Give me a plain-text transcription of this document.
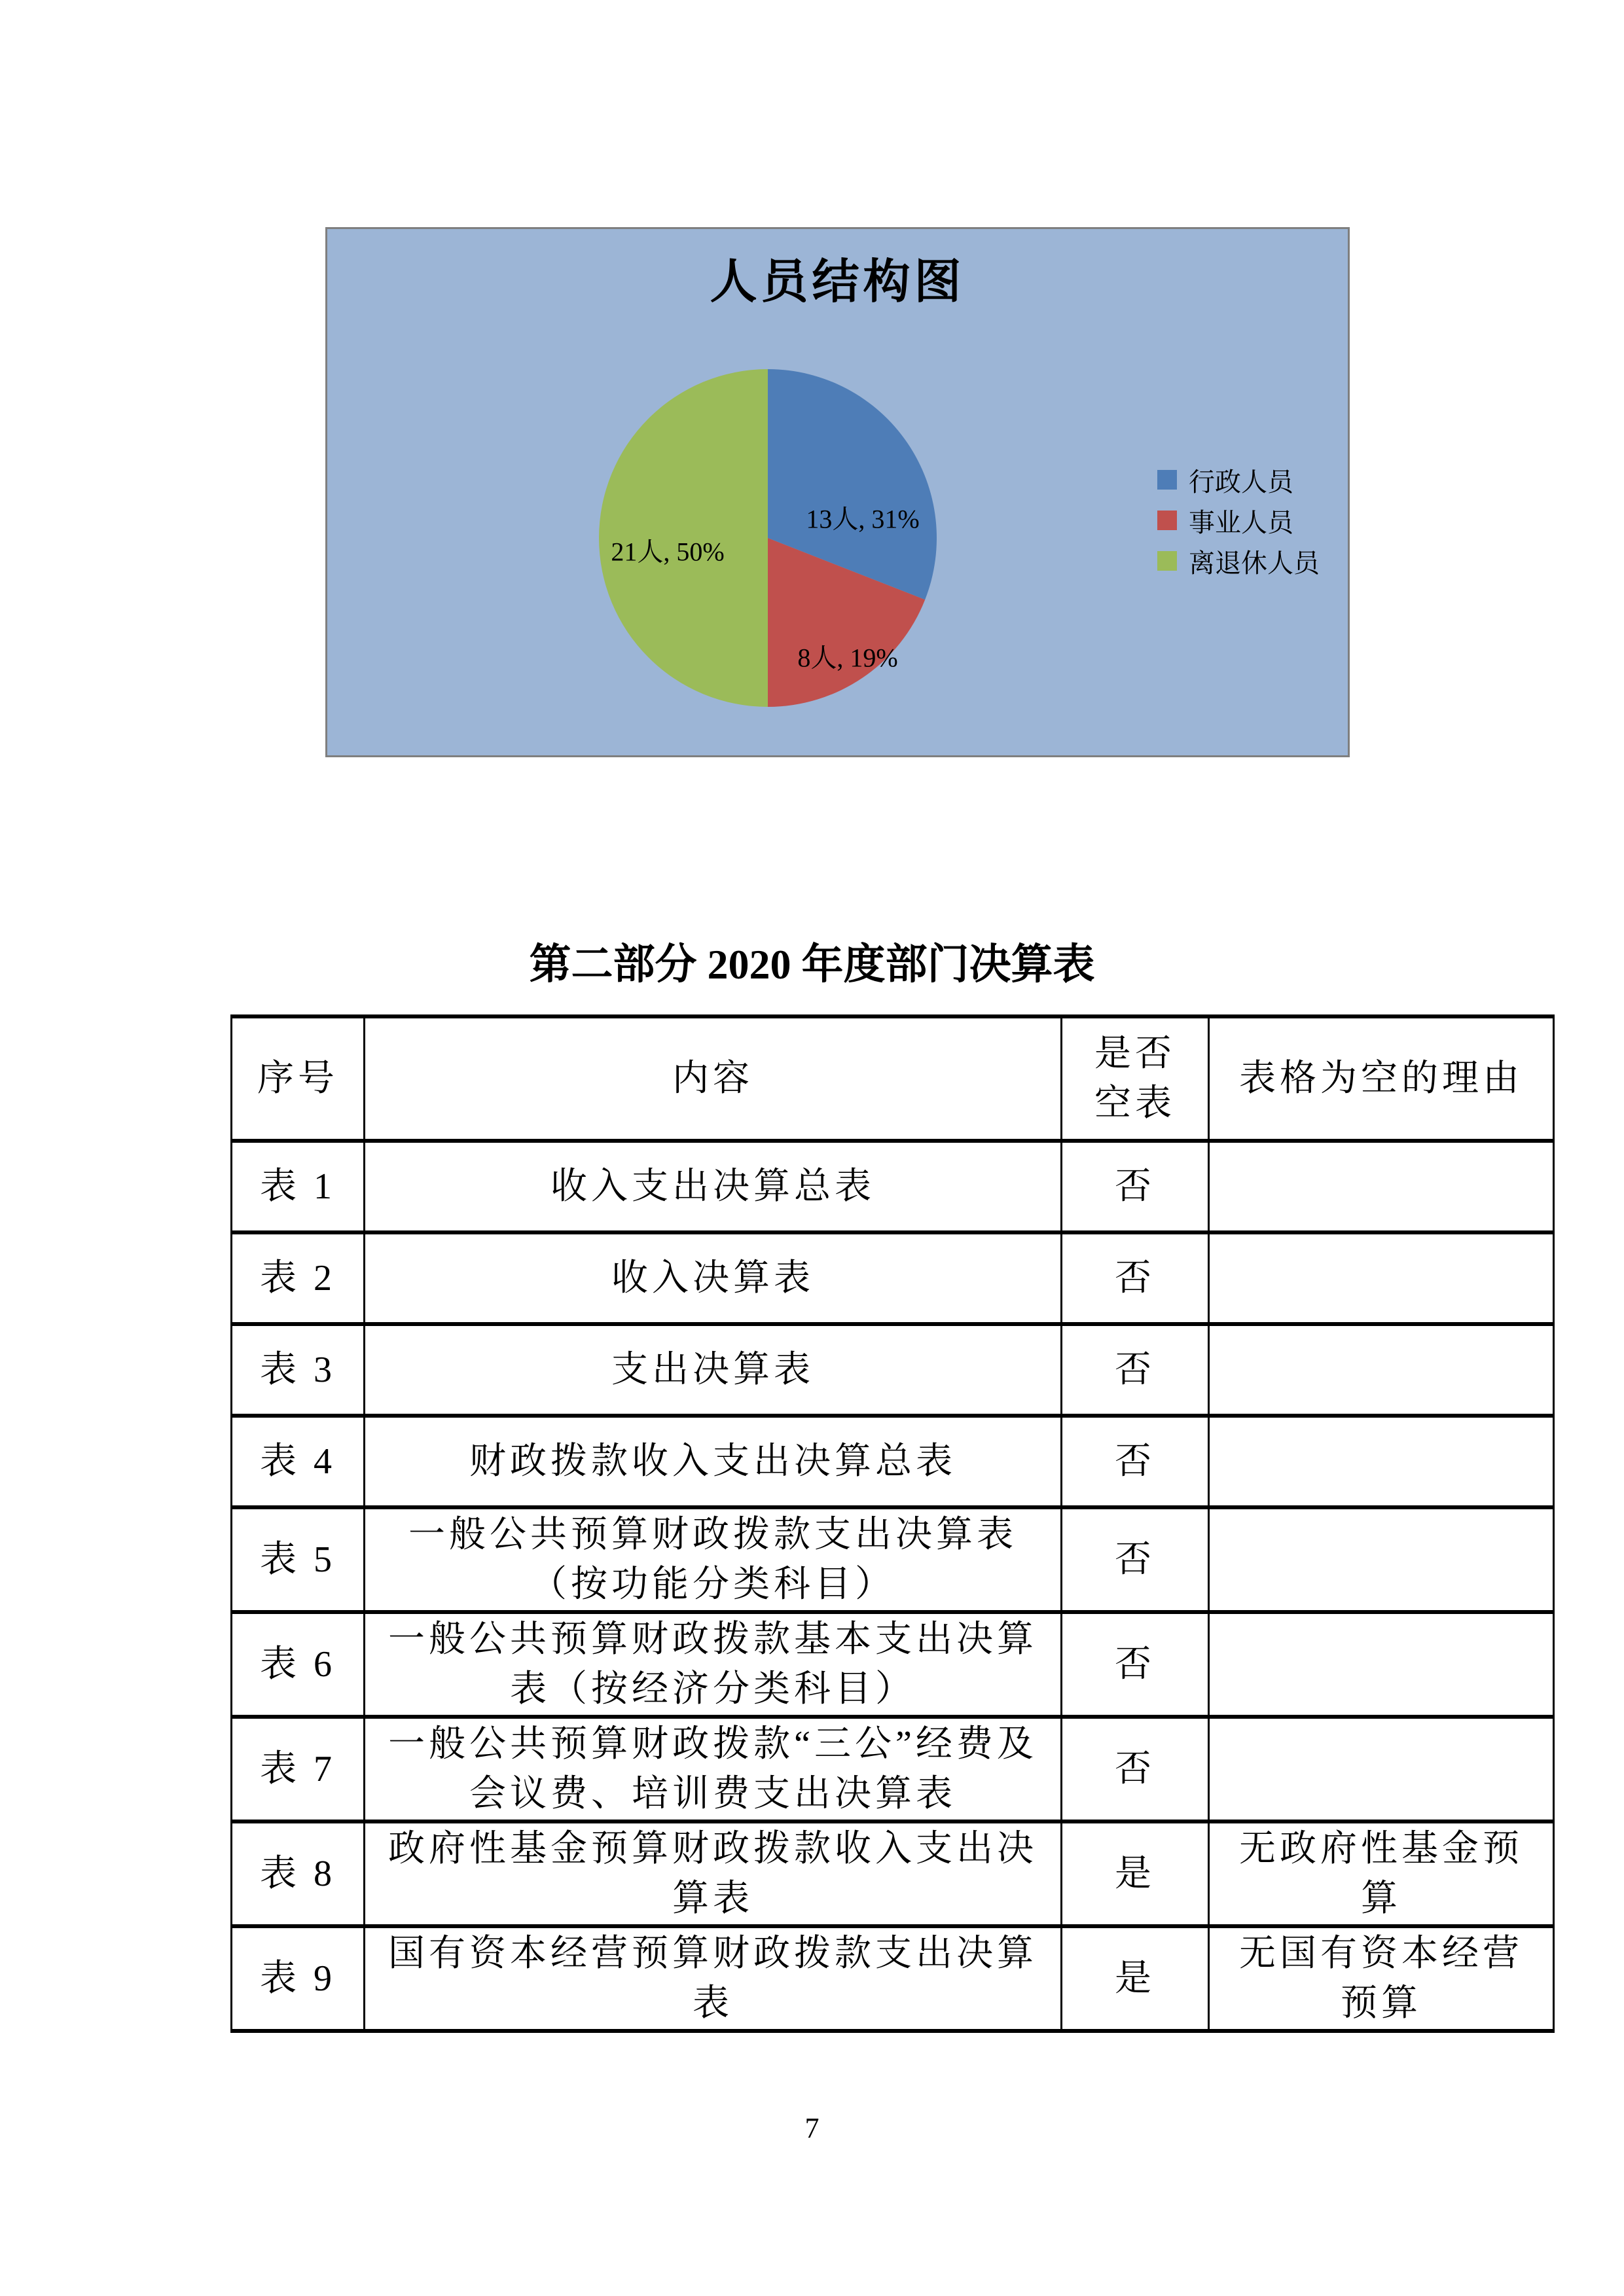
人员结构图
13人, 31%
8人, 19%
21人, 50%
行政人员
事业人员
离退休人员
第二部分 2020 年度部门决算表
序号	内容	是否空表	表格为空的理由
表 1	收入支出决算总表	否	
表 2	收入决算表	否	
表 3	支出决算表	否	
表 4	财政拨款收入支出决算总表	否	
表 5	一般公共预算财政拨款支出决算表（按功能分类科目）	否	
表 6	一般公共预算财政拨款基本支出决算表（按经济分类科目）	否	
表 7	一般公共预算财政拨款“三公”经费及会议费、培训费支出决算表	否	
表 8	政府性基金预算财政拨款收入支出决算表	是	无政府性基金预算
表 9	国有资本经营预算财政拨款支出决算表	是	无国有资本经营预算
7
